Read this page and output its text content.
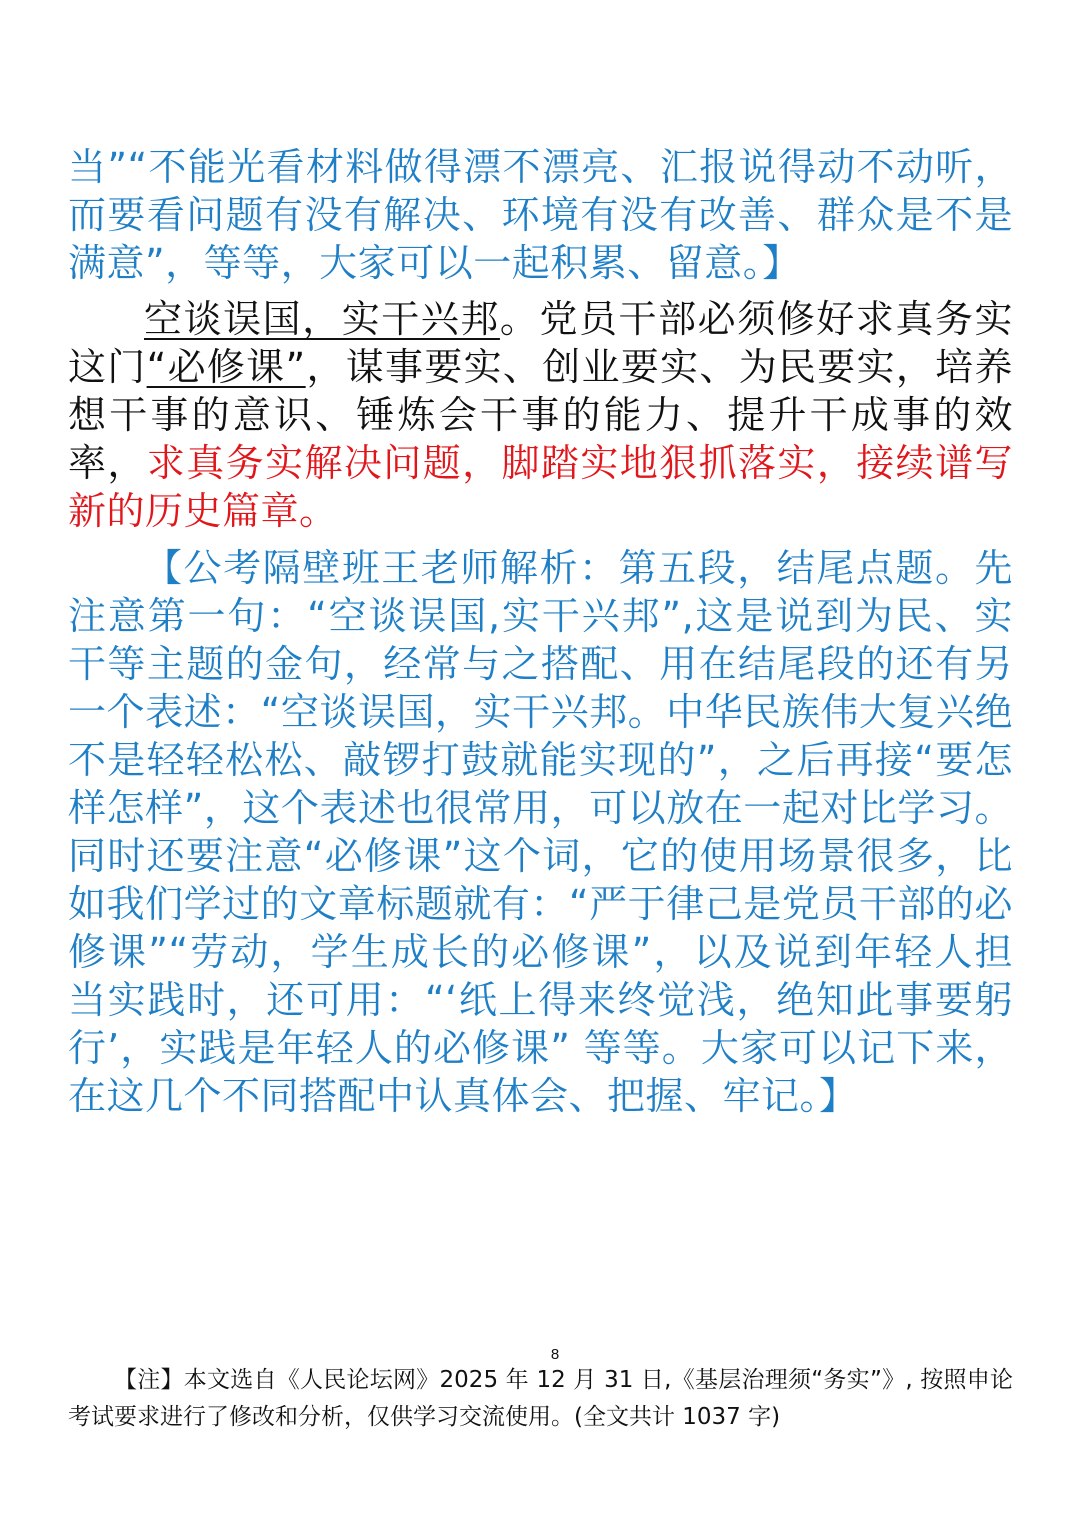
当”“不能光看材料做得漂不漂亮、汇报说得动不动听，而要看问题有没有解决、环境有没有改善、群众是不是满意”，等等，大家可以一起积累、留意。】

空谈误国，实干兴邦。党员干部必须修好求真务实这门“必修课”，谋事要实、创业要实、为民要实，培养想干事的意识、锤炼会干事的能力、提升干成事的效率，求真务实解决问题，脚踏实地狠抓落实，接续谱写新的历史篇章。

【公考隔壁班王老师解析：第五段，结尾点题。先注意第一句：“空谈误国,实干兴邦”,这是说到为民、实干等主题的金句，经常与之搭配、用在结尾段的还有另一个表述：“空谈误国，实干兴邦。中华民族伟大复兴绝不是轻轻松松、敲锣打鼓就能实现的”，之后再接“要怎样怎样”，这个表述也很常用，可以放在一起对比学习。同时还要注意“必修课”这个词，它的使用场景很多，比如我们学过的文章标题就有：“严于律己是党员干部的必修课”“劳动，学生成长的必修课”，以及说到年轻人担当实践时，还可用：“‘纸上得来终觉浅，绝知此事要躬行’，实践是年轻人的必修课” 等等。大家可以记下来，在这几个不同搭配中认真体会、把握、牢记。】

8

【注】本文选自《人民论坛网》2025 年 12 月 31 日,《基层治理须“务实”》, 按照申论考试要求进行了修改和分析，仅供学习交流使用。(全文共计 1037 字)
